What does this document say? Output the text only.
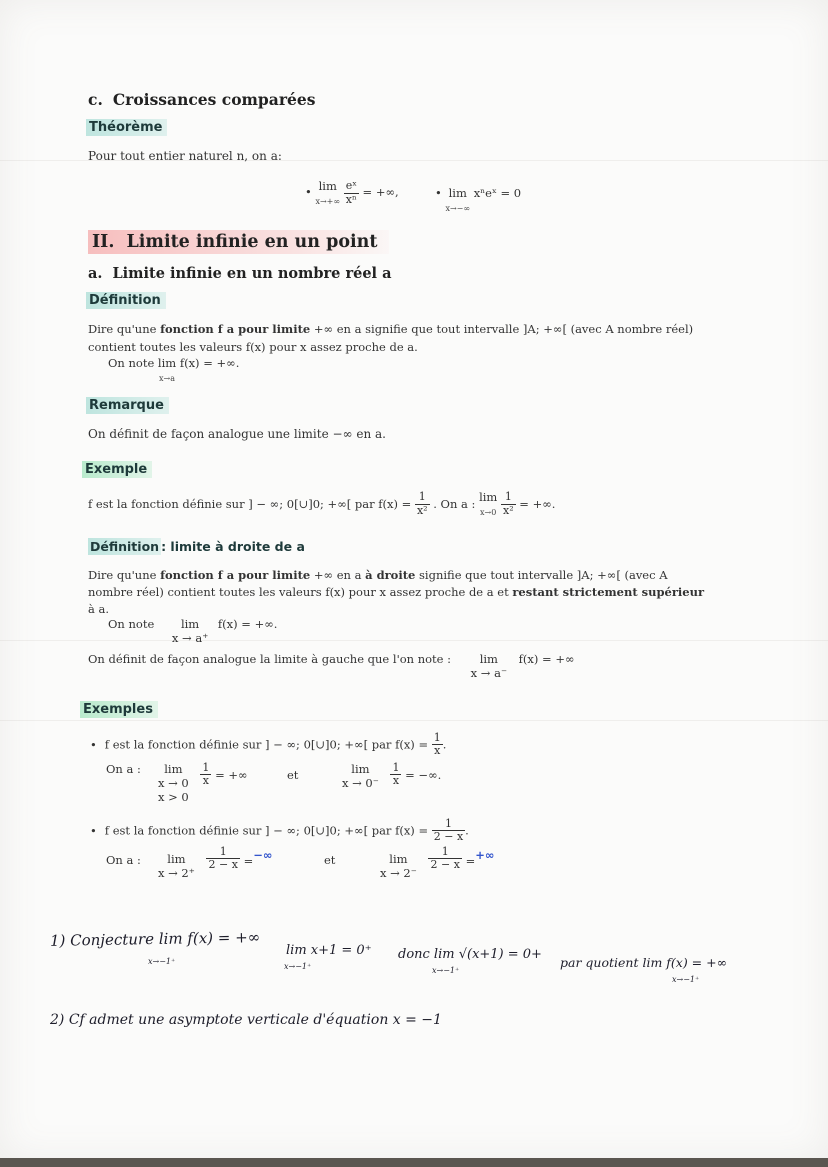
c. Croissances comparées
Théorème
Pour tout entier naturel n, on a:
• lim
$x\to+\infty \frac{\text{eˣ}}{\text{xⁿ}}$ = +∞,	• lim
x→−∞ xⁿeˣ = 0
II. Limite infinie en un point
a. Limite infinie en un nombre réel a
Définition
Dire qu'une fonction f a pour limite +∞ en a signifie que tout intervalle ]A; +∞[ (avec A nombre réel)
contient toutes les valeurs f(x) pour x assez proche de a.
On note lim
x→a f(x) = +∞.
Remarque
On définit de façon analogue une limite −∞ en a.
Exemple
f est la fonction définie sur ] − ∞; 0[∪]0; +∞[ par $f(x) = \frac{1}{\text{x²}}$ . On a : lim
$x\to 0 \frac{1}{\text{x²}}$ = +∞.
Définition : limite à droite de a
Dire qu'une fonction f a pour limite +∞ en a à droite signifie que tout intervalle ]A; +∞[ (avec A
nombre réel) contient toutes les valeurs f(x) pour x assez proche de a et restant strictement supérieur
à a.
On note lim
x → a⁺ f(x) = +∞.
On définit de façon analogue la limite à gauche que l'on note : lim
x → a⁻ f(x) = +∞
Exemples
• f est la fonction définie sur ] − ∞; 0[∪]0; +∞[ par $f(x) = \frac{1}{x}$ .
On a :	lim
x → 0
x > 0
$\frac{1}{x}$ = +∞	et	lim
$x \to 0^- \frac{1}{x}$ = −∞.
• f est la fonction définie sur ] − ∞; 0[∪]0; +∞[ par $f(x) = \frac{1}{2 - x}$ .
On a :	lim
x → 2⁺
$\frac{1}{2 - x}$ =−∞	et	lim
x → 2⁻
$\frac{1}{2 - x}$ =+∞
1) Conjecture lim f(x) = +∞
x→−1⁺
lim x+1 = 0⁺
x→−1⁺
donc lim √(x+1) = 0+
x→−1⁺
par quotient lim f(x) = +∞
x→−1⁺
2) Cf admet une asymptote verticale d'équation x = −1
